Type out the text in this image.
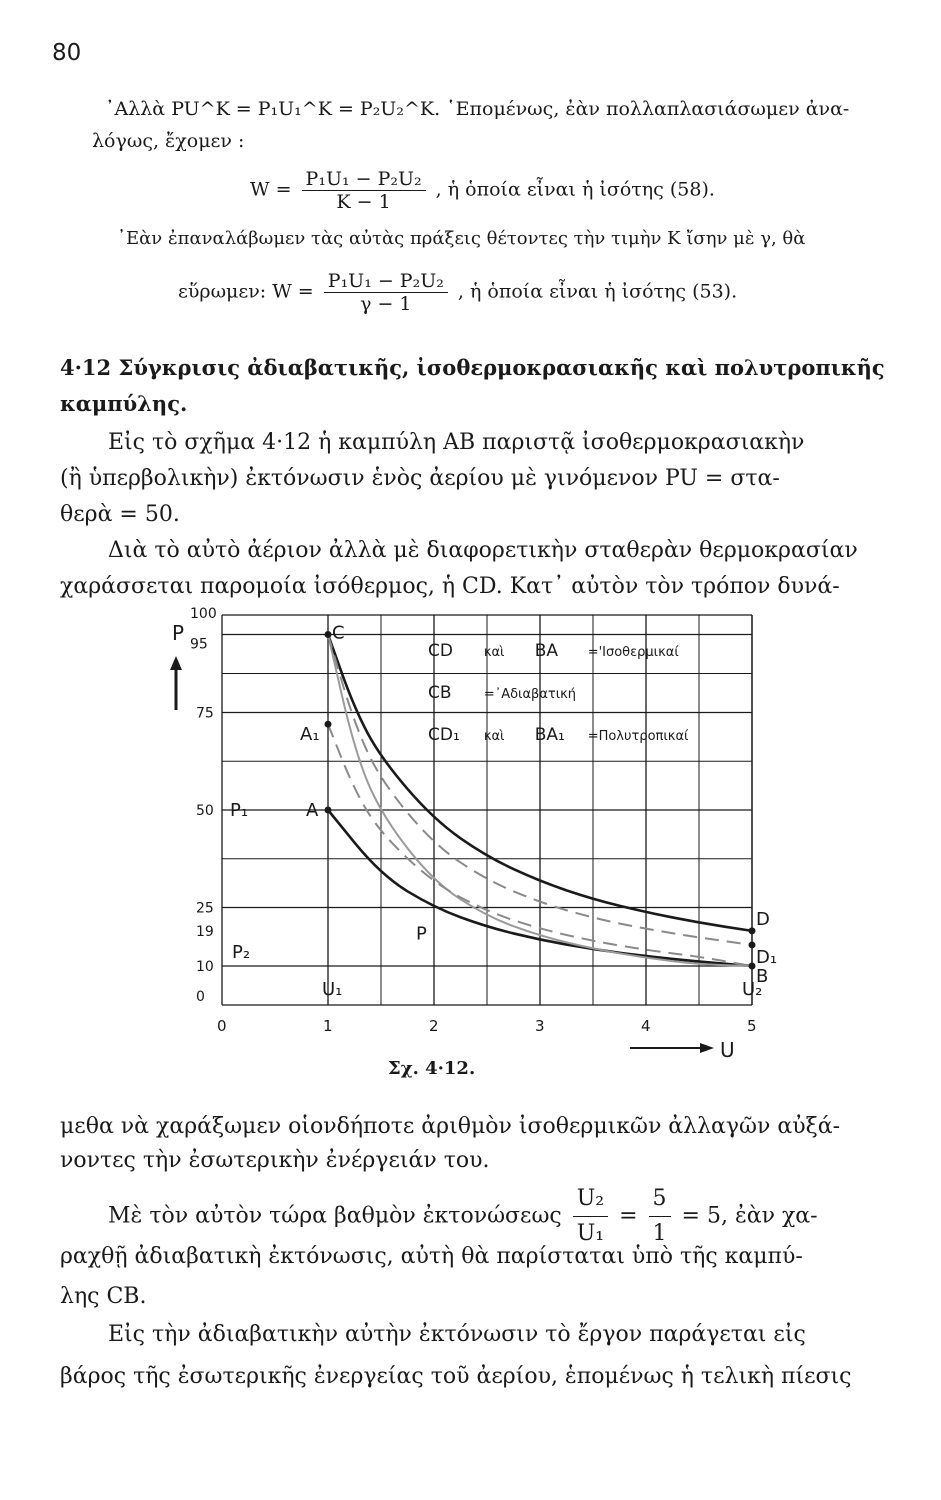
80
᾿Αλλὰ PU^K = P₁U₁^K = P₂U₂^K. ῾Επομένως, ἐὰν πολλαπλασιάσωμεν ἀνα-
λόγως, ἔχομεν :
$W = \frac{\text{P₁U₁ − P₂U₂}}{K - 1}$ , ἡ ὁποία εἶναι ἡ ἰσότης (58).
᾿Εὰν ἐπαναλάβωμεν τὰς αὐτὰς πράξεις θέτοντες τὴν τιμὴν K ἴσην μὲ γ, θὰ
εὕρωμεν: $W = \frac{\text{P₁U₁ − P₂U₂}}{\gamma - 1}$ , ἡ ὁποία εἶναι ἡ ἰσότης (53).
4·12 Σύγκρισις ἀδιαβατικῆς, ἰσοθερμοκρασιακῆς καὶ πολυτροπικῆς
καμπύλης.
Εἰς τὸ σχῆμα 4·12 ἡ καμπύλη AB παριστᾷ ἰσοθερμοκρασιακὴν
(ἢ ὑπερβολικὴν) ἐκτόνωσιν ἑνὸς ἀερίου μὲ γινόμενον PU = στα-
θερὰ = 50.
Διὰ τὸ αὐτὸ ἀέριον ἀλλὰ μὲ διαφορετικὴν σταθερὰν θερμοκρασίαν
χαράσσεται παρομοία ἰσόθερμος, ἡ CD. Κατ᾿ αὐτὸν τὸν τρόπον δυνά-
0	1	2	3	4	5
0
10
19
25
50
75
95
100
C
A₁
A
P
D
D₁
B
P₁
P₂
U₁	U₂
CD καὶ BA ='Ισοθερμικαί
CB =᾿Αδιαβατική
CD₁ καὶ BA₁ =Πολυτροπικαί
P
U
Σχ. 4·12.
μεθα νὰ χαράξωμεν οἱονδήποτε ἀριθμὸν ἰσοθερμικῶν ἀλλαγῶν αὐξά-
νοντες τὴν ἐσωτερικὴν ἐνέργειάν του.
Μὲ τὸν αὐτὸν τώρα βαθμὸν ἐκτονώσεως $\frac{\text{U₂}}{\text{U₁}} = \frac{5}{1} = 5$, ἐὰν χα-
ραχθῇ ἀδιαβατικὴ ἐκτόνωσις, αὐτὴ θὰ παρίσταται ὑπὸ τῆς καμπύ-
λης CB.
Εἰς τὴν ἀδιαβατικὴν αὐτὴν ἐκτόνωσιν τὸ ἔργον παράγεται εἰς
βάρος τῆς ἐσωτερικῆς ἐνεργείας τοῦ ἀερίου, ἑπομένως ἡ τελικὴ πίεσις
